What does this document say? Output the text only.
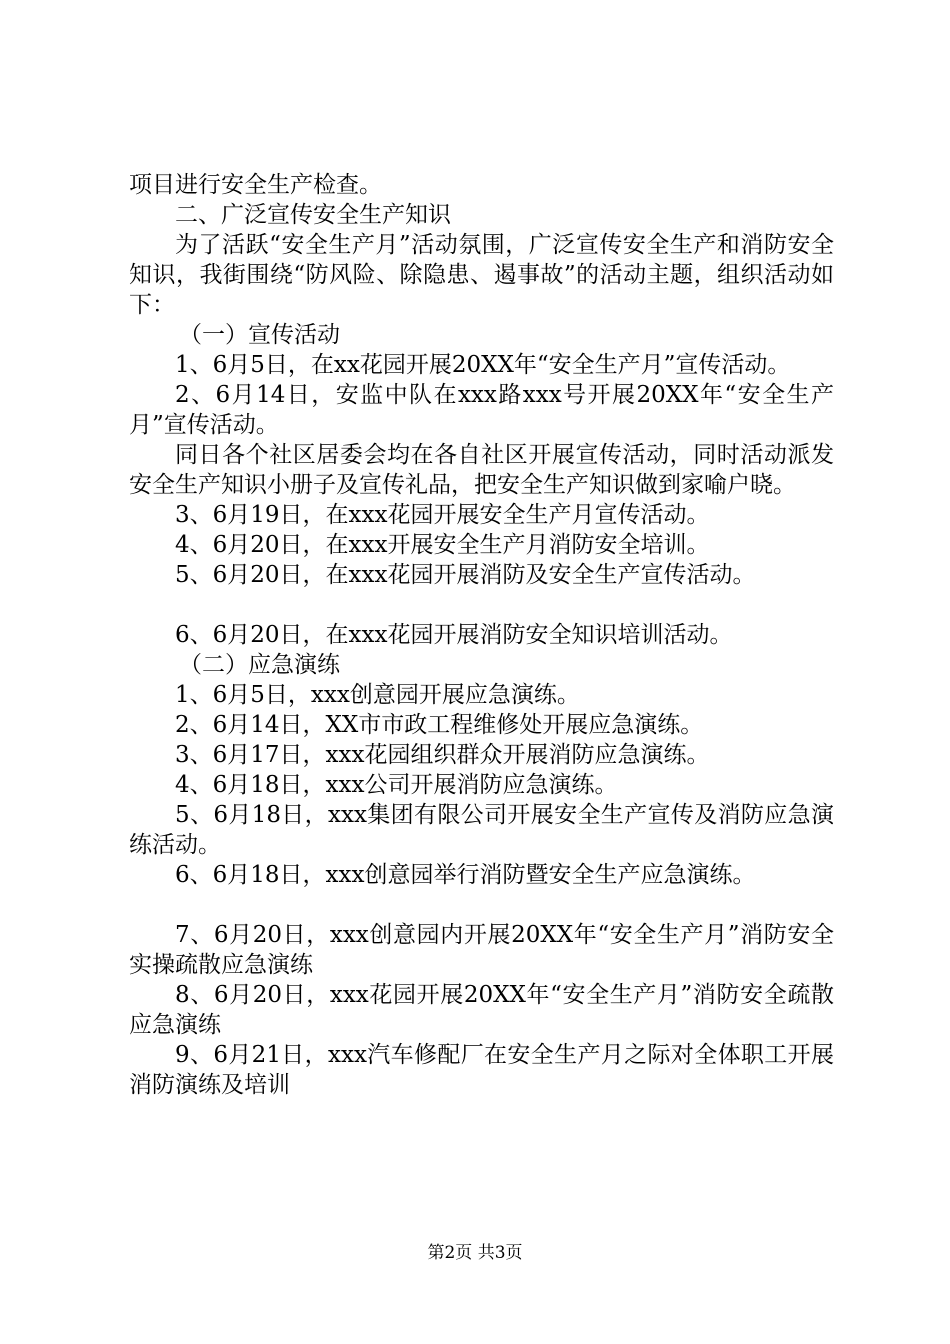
项目进行安全生产检查。

二、广泛宣传安全生产知识

为了活跃“安全生产月”活动氛围，广泛宣传安全生产和消防安全知识，我街围绕“防风险、除隐患、遏事故”的活动主题，组织活动如下：

（一）宣传活动

1、6月5日，在xx花园开展20XX年“安全生产月”宣传活动。

2、6月14日，安监中队在xxx路xxx号开展20XX年“安全生产月”宣传活动。

同日各个社区居委会均在各自社区开展宣传活动，同时活动派发安全生产知识小册子及宣传礼品，把安全生产知识做到家喻户晓。

3、6月19日，在xxx花园开展安全生产月宣传活动。

4、6月20日，在xxx开展安全生产月消防安全培训。

5、6月20日，在xxx花园开展消防及安全生产宣传活动。

6、6月20日，在xxx花园开展消防安全知识培训活动。

（二）应急演练

1、6月5日，xxx创意园开展应急演练。

2、6月14日，XX市市政工程维修处开展应急演练。

3、6月17日，xxx花园组织群众开展消防应急演练。

4、6月18日，xxx公司开展消防应急演练。

5、6月18日，xxx集团有限公司开展安全生产宣传及消防应急演练活动。

6、6月18日，xxx创意园举行消防暨安全生产应急演练。

7、6月20日，xxx创意园内开展20XX年“安全生产月”消防安全实操疏散应急演练

8、6月20日，xxx花园开展20XX年“安全生产月”消防安全疏散应急演练

9、6月21日，xxx汽车修配厂在安全生产月之际对全体职工开展消防演练及培训

第2页 共3页
